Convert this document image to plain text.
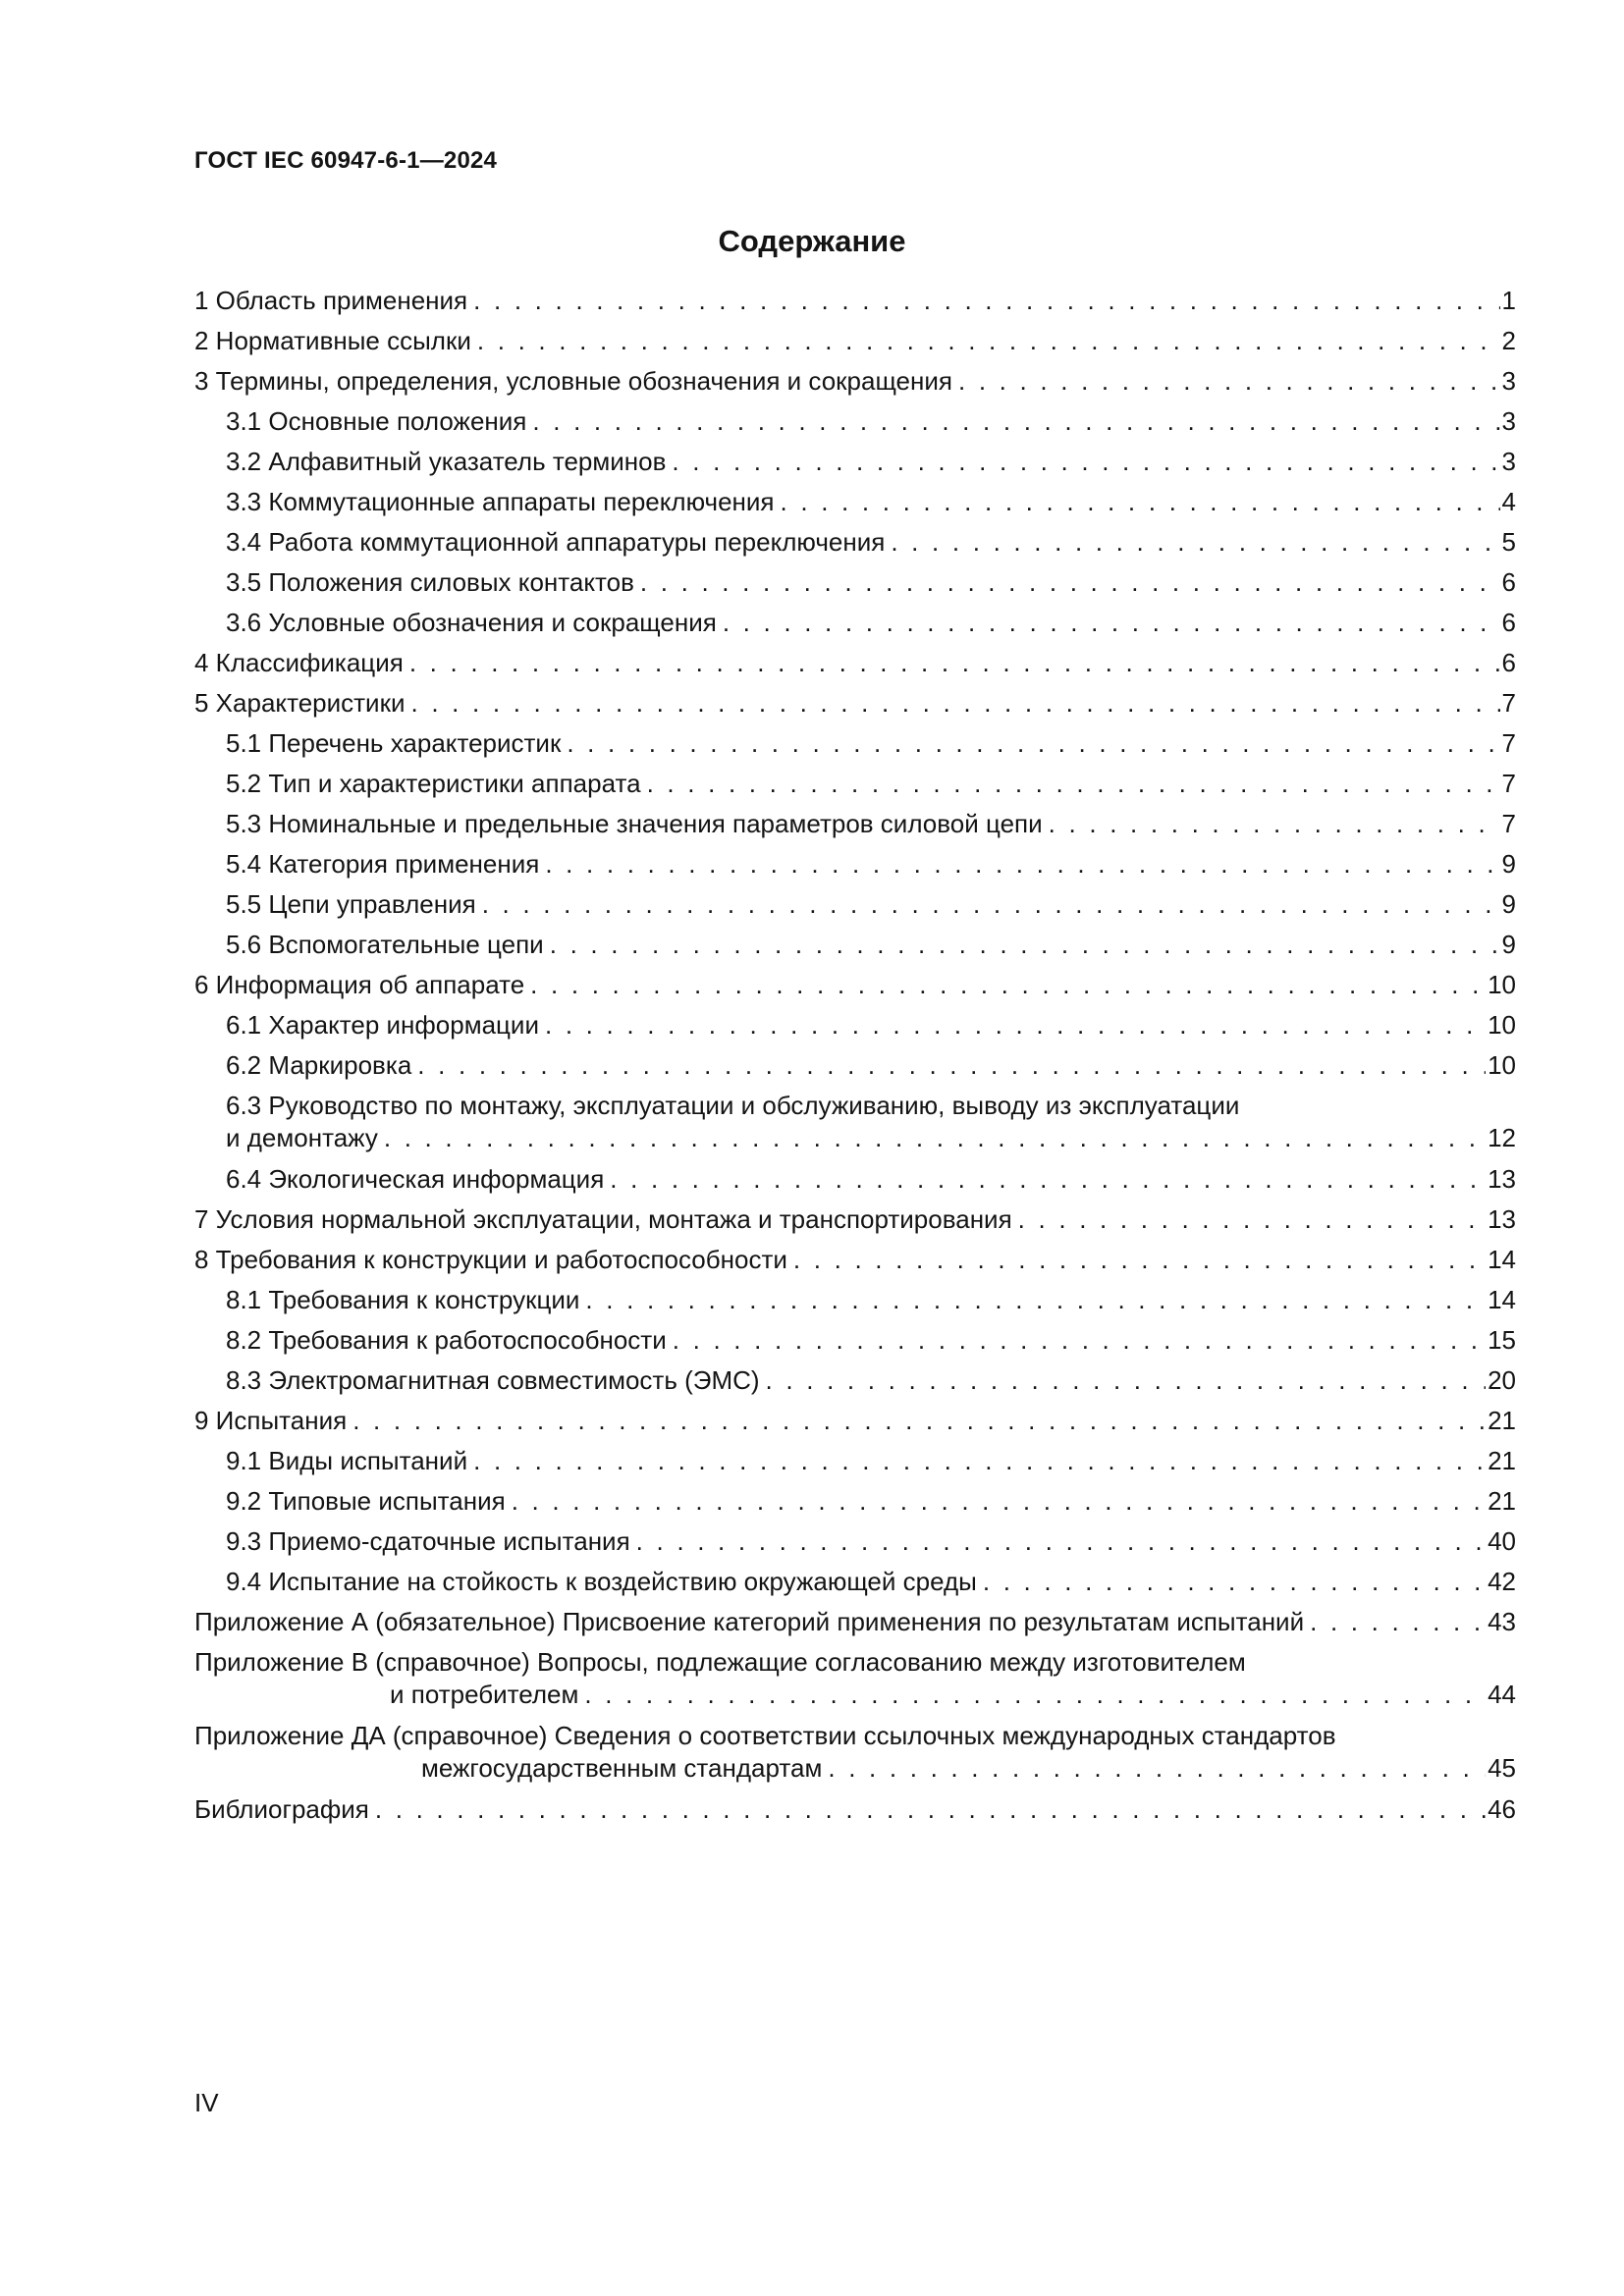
ГОСТ IEC 60947-6-1—2024
Содержание
1 Область применения . . .	1
2 Нормативные ссылки . . .	2
3 Термины, определения, условные обозначения и сокращения . . .	3
3.1 Основные положения . . .	3
3.2 Алфавитный указатель терминов . . .	3
3.3 Коммутационные аппараты переключения . . .	4
3.4 Работа коммутационной аппаратуры переключения . . .	5
3.5 Положения силовых контактов . . .	6
3.6 Условные обозначения и сокращения . . .	6
4 Классификация . . .	6
5 Характеристики . . .	7
5.1 Перечень характеристик . . .	7
5.2 Тип и характеристики аппарата . . .	7
5.3 Номинальные и предельные значения параметров силовой цепи . . .	7
5.4 Категория применения . . .	9
5.5 Цепи управления . . .	9
5.6 Вспомогательные цепи . . .	9
6 Информация об аппарате . . .	10
6.1 Характер информации . . .	10
6.2 Маркировка . . .	10
6.3 Руководство по монтажу, эксплуатации и обслуживанию, выводу из эксплуатации
и демонтажу . . .	12
6.4 Экологическая информация . . .	13
7 Условия нормальной эксплуатации, монтажа и транспортирования . . .	13
8 Требования к конструкции и работоспособности . . .	14
8.1 Требования к конструкции . . .	14
8.2 Требования к работоспособности . . .	15
8.3 Электромагнитная совместимость (ЭМС) . . .	20
9 Испытания . . .	21
9.1 Виды испытаний . . .	21
9.2 Типовые испытания . . .	21
9.3 Приемо-сдаточные испытания . . .	40
9.4 Испытание на стойкость к воздействию окружающей среды . . .	42
Приложение А (обязательное) Присвоение категорий применения по результатам испытаний . . .	43
Приложение В (справочное) Вопросы, подлежащие согласованию между изготовителем
и потребителем . . .	44
Приложение ДА (справочное) Сведения о соответствии ссылочных международных стандартов
межгосударственным стандартам . . .	45
Библиография . . .	46
IV
